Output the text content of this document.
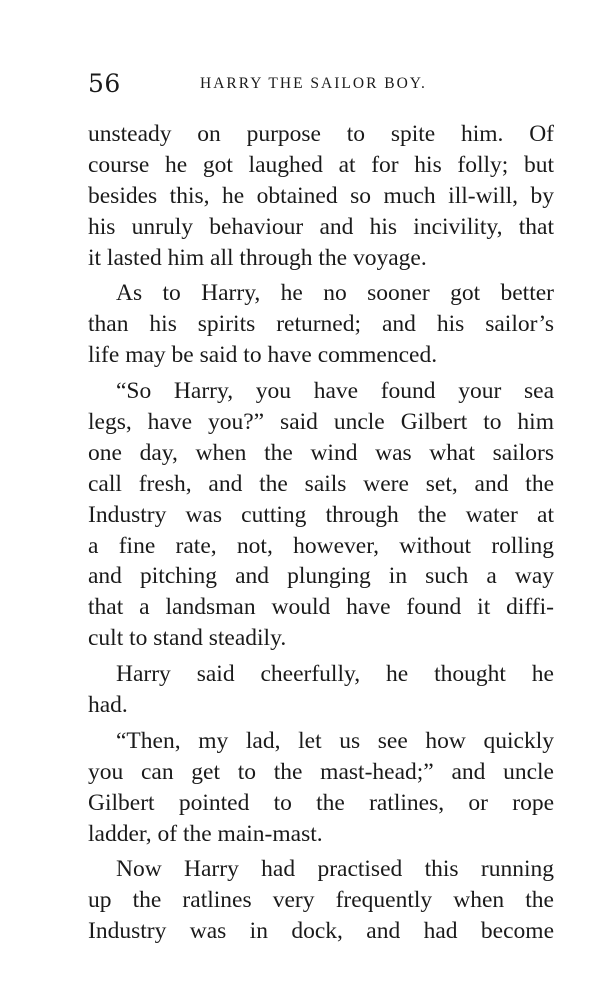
56	HARRY THE SAILOR BOY.
unsteady on purpose to spite him. Of
course he got laughed at for his folly; but
besides this, he obtained so much ill-will, by
his unruly behaviour and his incivility, that
it lasted him all through the voyage.
As to Harry, he no sooner got better
than his spirits returned; and his sailor’s
life may be said to have commenced.
“So Harry, you have found your sea
legs, have you?” said uncle Gilbert to him
one day, when the wind was what sailors
call fresh, and the sails were set, and the
Industry was cutting through the water at
a fine rate, not, however, without rolling
and pitching and plunging in such a way
that a landsman would have found it diffi-
cult to stand steadily.
Harry said cheerfully, he thought he
had.
“Then, my lad, let us see how quickly
you can get to the mast-head;” and uncle
Gilbert pointed to the ratlines, or rope
ladder, of the main-mast.
Now Harry had practised this running
up the ratlines very frequently when the
Industry was in dock, and had become
